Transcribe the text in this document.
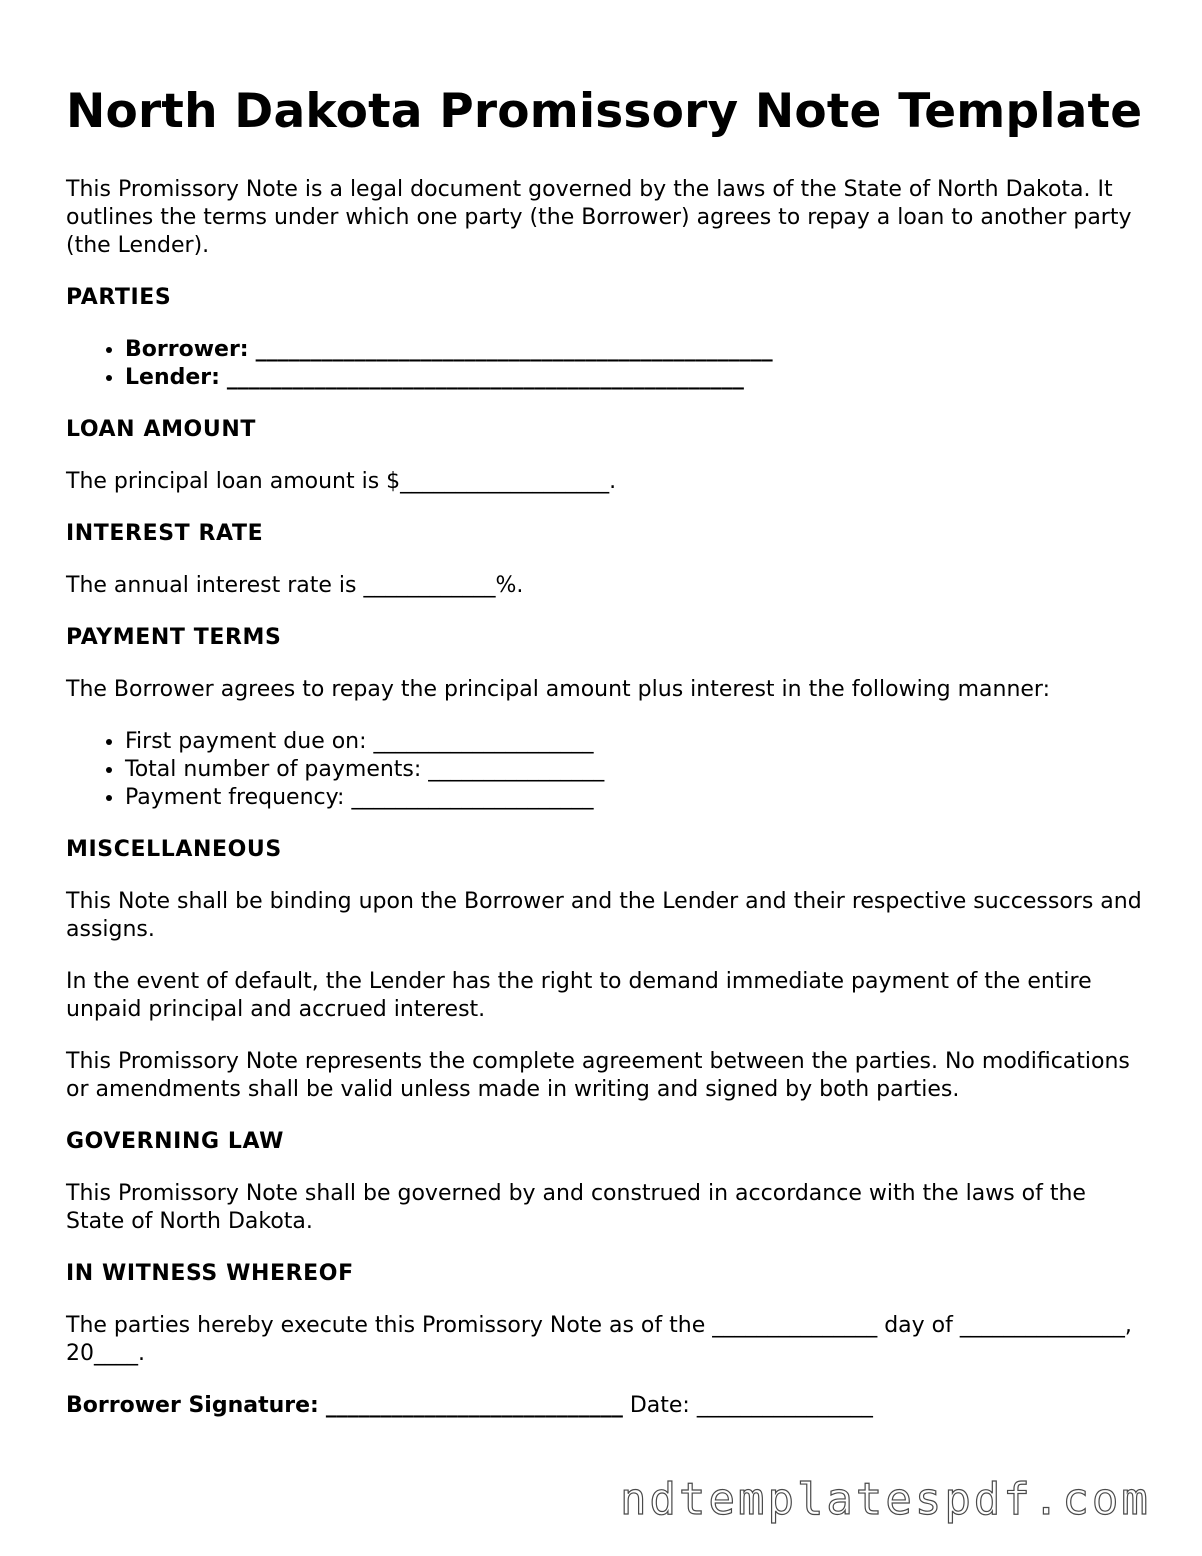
North Dakota Promissory Note Template

This Promissory Note is a legal document governed by the laws of the State of North Dakota. It outlines the terms under which one party (the Borrower) agrees to repay a loan to another party (the Lender).

PARTIES
• Borrower: _______________________________________________
• Lender: _______________________________________________
LOAN AMOUNT

The principal loan amount is $___________________.

INTEREST RATE

The annual interest rate is ____________%.

PAYMENT TERMS

The Borrower agrees to repay the principal amount plus interest in the following manner:

• First payment due on: ____________________
• Total number of payments: ________________
• Payment frequency: ______________________
MISCELLANEOUS

This Note shall be binding upon the Borrower and the Lender and their respective successors and assigns.

In the event of default, the Lender has the right to demand immediate payment of the entire unpaid principal and accrued interest.

This Promissory Note represents the complete agreement between the parties. No modifications or amendments shall be valid unless made in writing and signed by both parties.

GOVERNING LAW

This Promissory Note shall be governed by and construed in accordance with the laws of the State of North Dakota.

IN WITNESS WHEREOF

The parties hereby execute this Promissory Note as of the _______________ day of _______________, 20____.

Borrower Signature: ___________________________ Date: ________________

ndtemplatespdf.com
